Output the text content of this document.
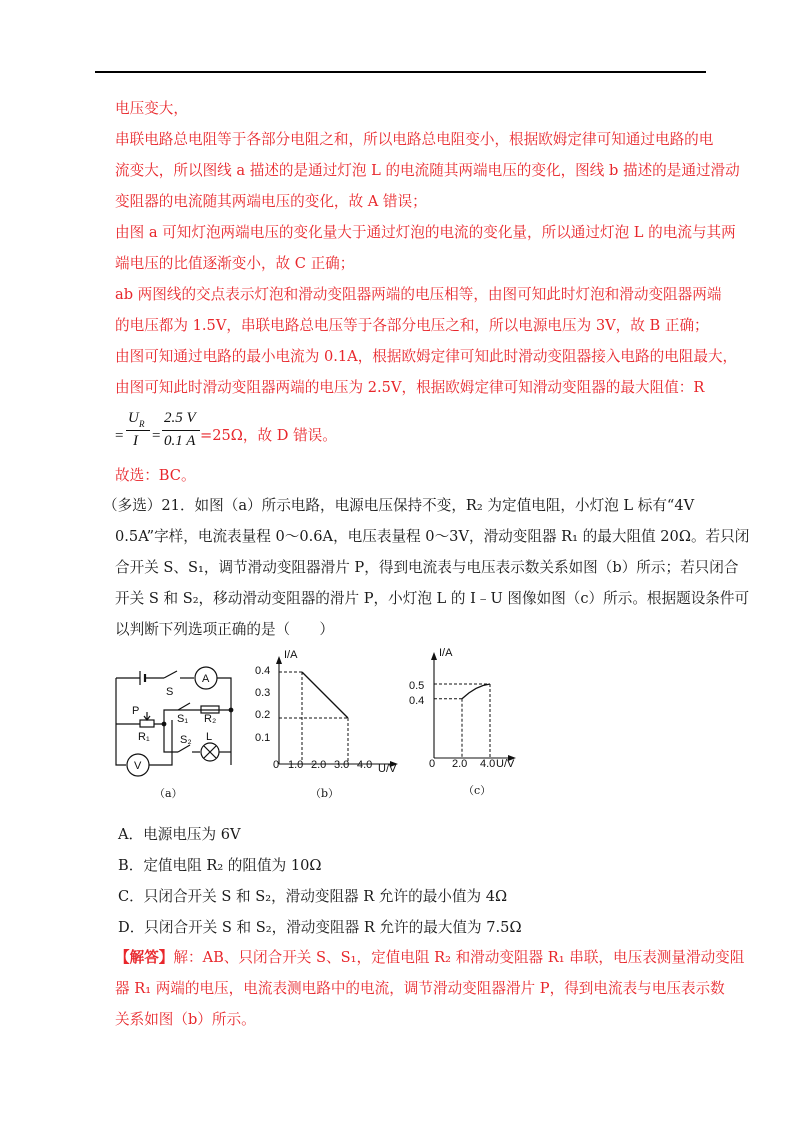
电压变大，
串联电路总电阻等于各部分电阻之和，所以电路总电阻变小，根据欧姆定律可知通过电路的电
流变大，所以图线 a 描述的是通过灯泡 L 的电流随其两端电压的变化，图线 b 描述的是通过滑动
变阻器的电流随其两端电压的变化，故 A 错误；
由图 a 可知灯泡两端电压的变化量大于通过灯泡的电流的变化量，所以通过灯泡 L 的电流与其两
端电压的比值逐渐变小，故 C 正确；
ab 两图线的交点表示灯泡和滑动变阻器两端的电压相等，由图可知此时灯泡和滑动变阻器两端
的电压都为 1.5V，串联电路总电压等于各部分电压之和，所以电源电压为 3V，故 B 正确；
由图可知通过电路的最小电流为 0.1A，根据欧姆定律可知此时滑动变阻器接入电路的电阻最大，
由图可知此时滑动变阻器两端的电压为 2.5V，根据欧姆定律可知滑动变阻器的最大阻值：R
=
U R
I =
2.5 V
0.1 A =25Ω，故 D 错误。
故选：BC。
（多选）21．如图（a）所示电路，电源电压保持不变，R₂ 为定值电阻，小灯泡 L 标有“4V
0.5A”字样，电流表量程 0～0.6A，电压表量程 0～3V，滑动变阻器 R₁ 的最大阻值 20Ω。若只闭
合开关 S、S₁，调节滑动变阻器滑片 P，得到电流表与电压表示数关系如图（b）所示；若只闭合
开关 S 和 S₂，移动滑动变阻器的滑片 P，小灯泡 L 的 I﹣U 图像如图（c）所示。根据题设条件可
以判断下列选项正确的是（　　）
S
A
P
S₁ R₂
R₁	S₂ L
V
（a）
I/A
U/V
0.4
0.3
0.2
0.1
0 1.0 2.0 3.0 4.0
（b）
I/A
U/V
0.5
0.4
0 2.0 4.0
（c）
A．电源电压为 6V
B．定值电阻 R₂ 的阻值为 10Ω
C．只闭合开关 S 和 S₂，滑动变阻器 R 允许的最小值为 4Ω
D．只闭合开关 S 和 S₂，滑动变阻器 R 允许的最大值为 7.5Ω
【解答】解：AB、只闭合开关 S、S₁，定值电阻 R₂ 和滑动变阻器 R₁ 串联，电压表测量滑动变阻
器 R₁ 两端的电压，电流表测电路中的电流，调节滑动变阻器滑片 P，得到电流表与电压表示数
关系如图（b）所示。
